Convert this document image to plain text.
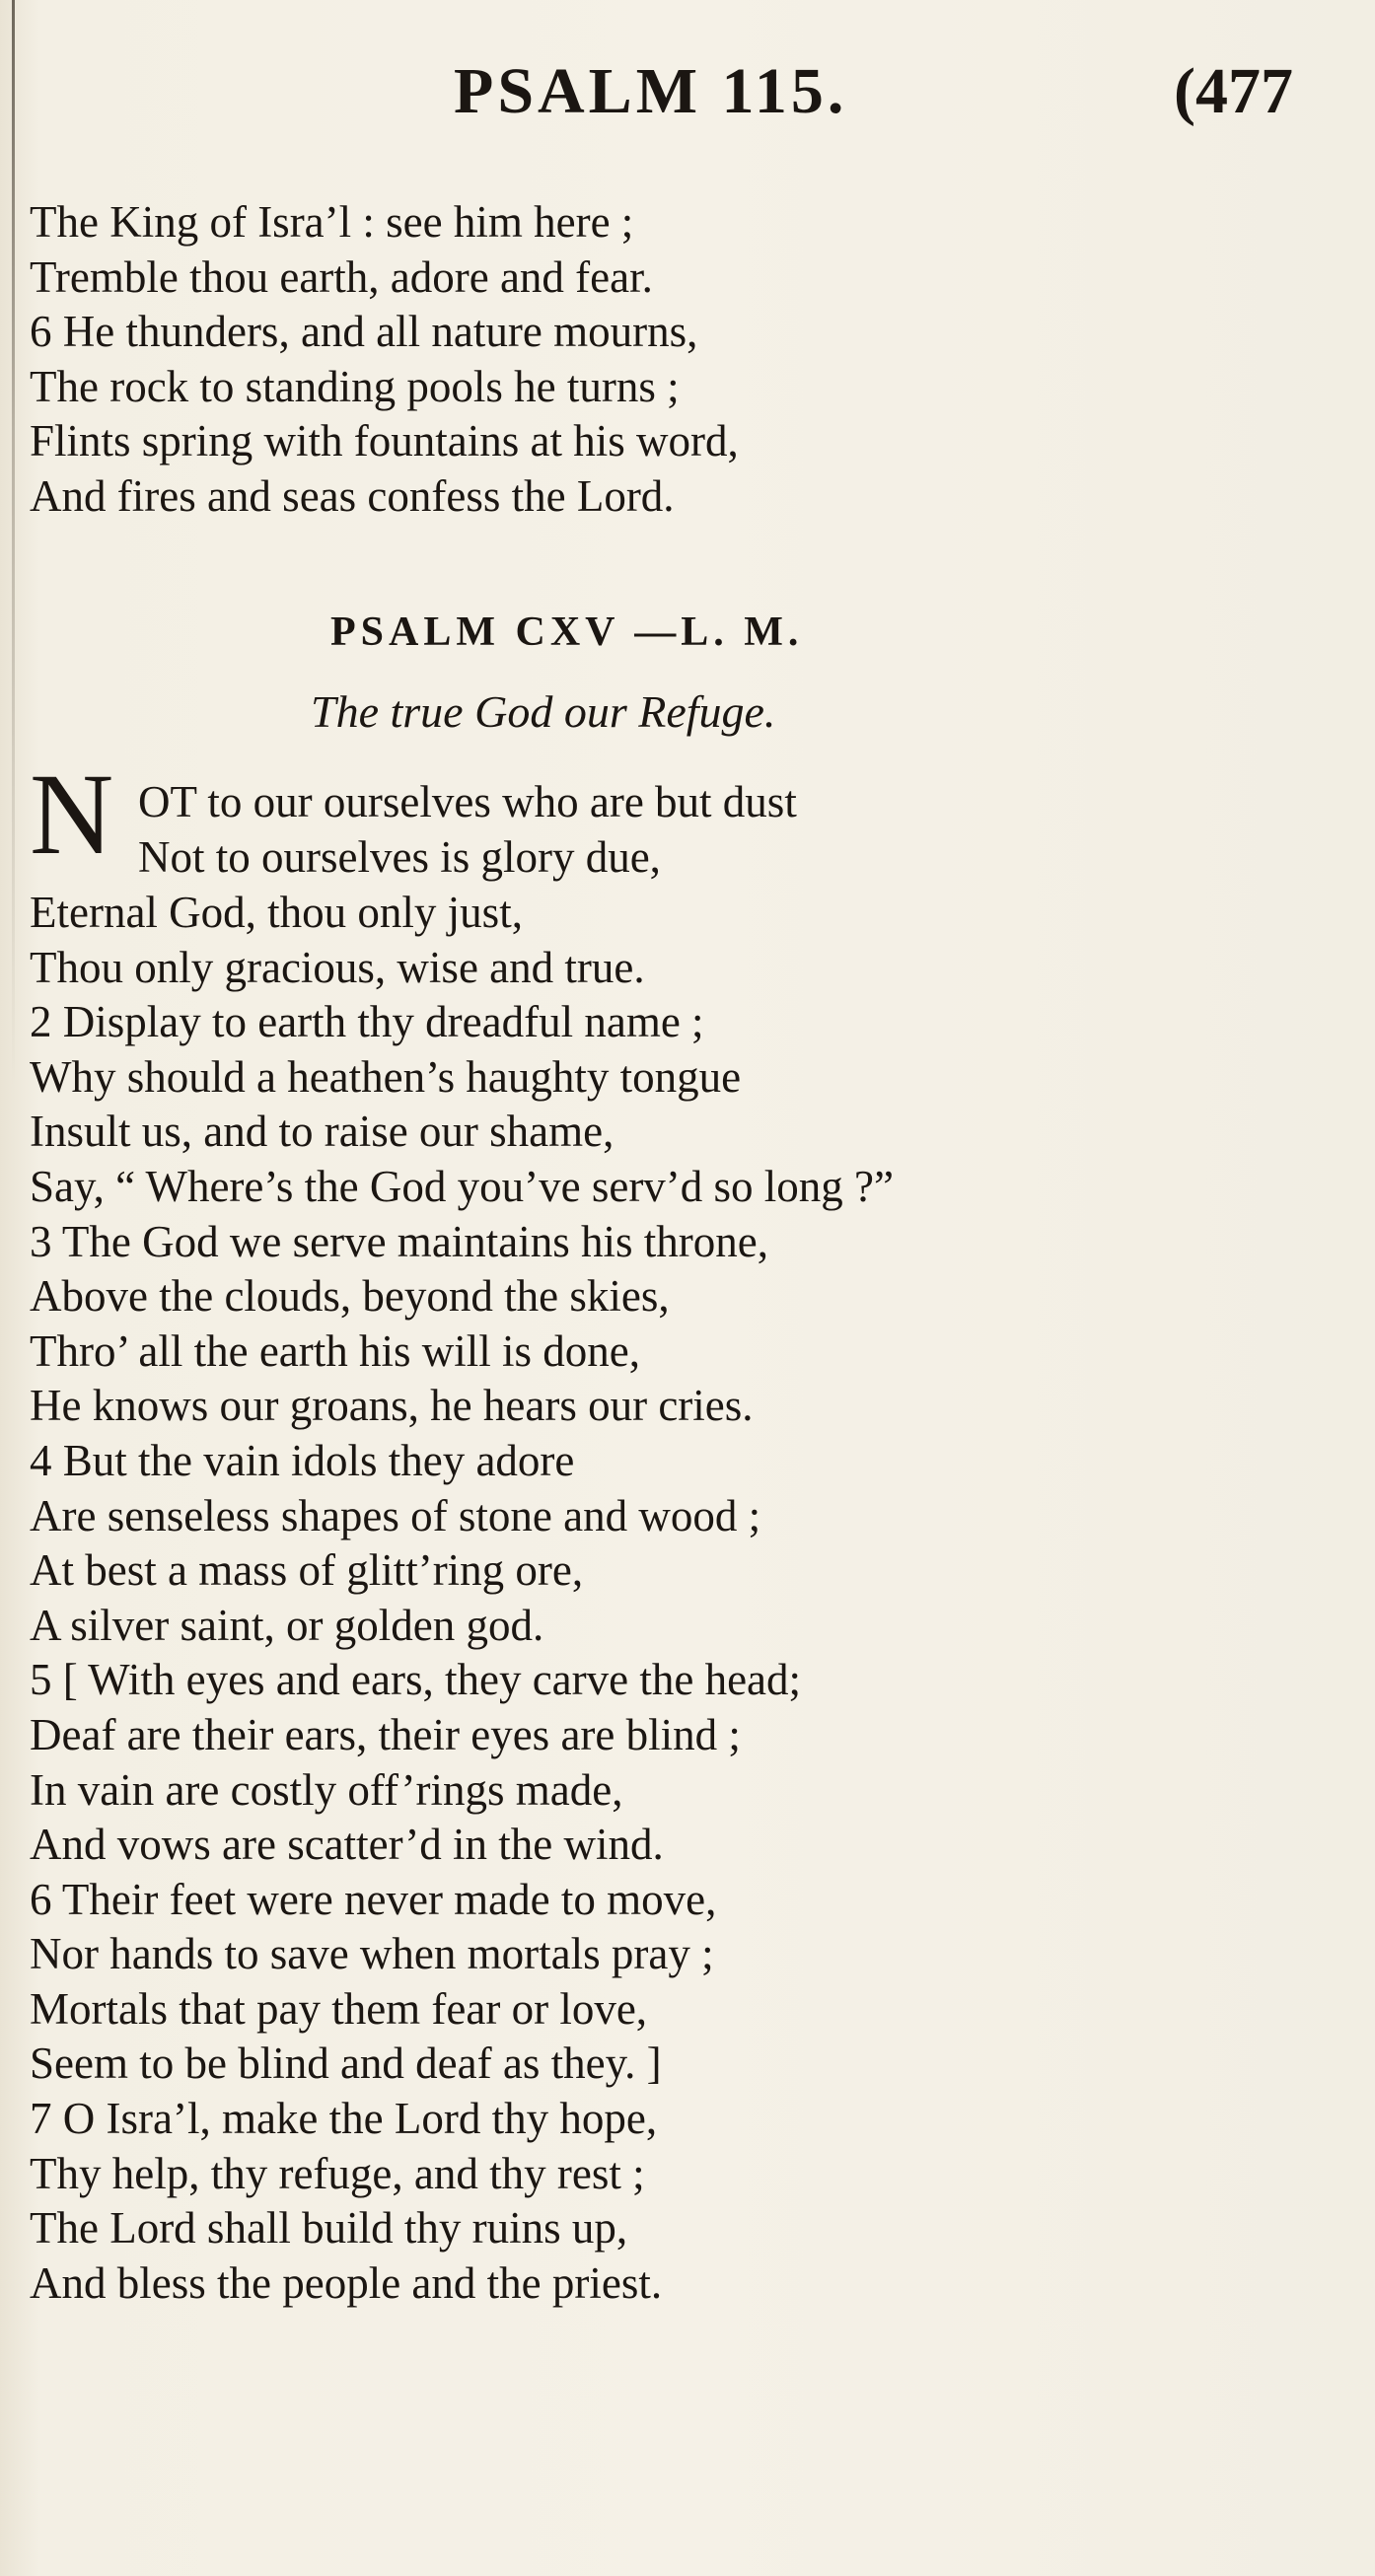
PSALM 115.	(477
The King of Isra’l : see him here ;
Tremble thou earth, adore and fear.
6 He thunders, and all nature mourns,
The rock to standing pools he turns ;
Flints spring with fountains at his word,
And fires and seas confess the Lord.
PSALM CXV —L. M.
The true God our Refuge.
N OT to our ourselves who are but dust
Not to ourselves is glory due,
Eternal God, thou only just,
Thou only gracious, wise and true.
2 Display to earth thy dreadful name ;
Why should a heathen’s haughty tongue
Insult us, and to raise our shame,
Say, “ Where’s the God you’ve serv’d so long ?”
3 The God we serve maintains his throne,
Above the clouds, beyond the skies,
Thro’ all the earth his will is done,
He knows our groans, he hears our cries.
4 But the vain idols they adore
Are senseless shapes of stone and wood ;
At best a mass of glitt’ring ore,
A silver saint, or golden god.
5 [ With eyes and ears, they carve the head;
Deaf are their ears, their eyes are blind ;
In vain are costly off’rings made,
And vows are scatter’d in the wind.
6 Their feet were never made to move,
Nor hands to save when mortals pray ;
Mortals that pay them fear or love,
Seem to be blind and deaf as they. ]
7 O Isra’l, make the Lord thy hope,
Thy help, thy refuge, and thy rest ;
The Lord shall build thy ruins up,
And bless the people and the priest.
